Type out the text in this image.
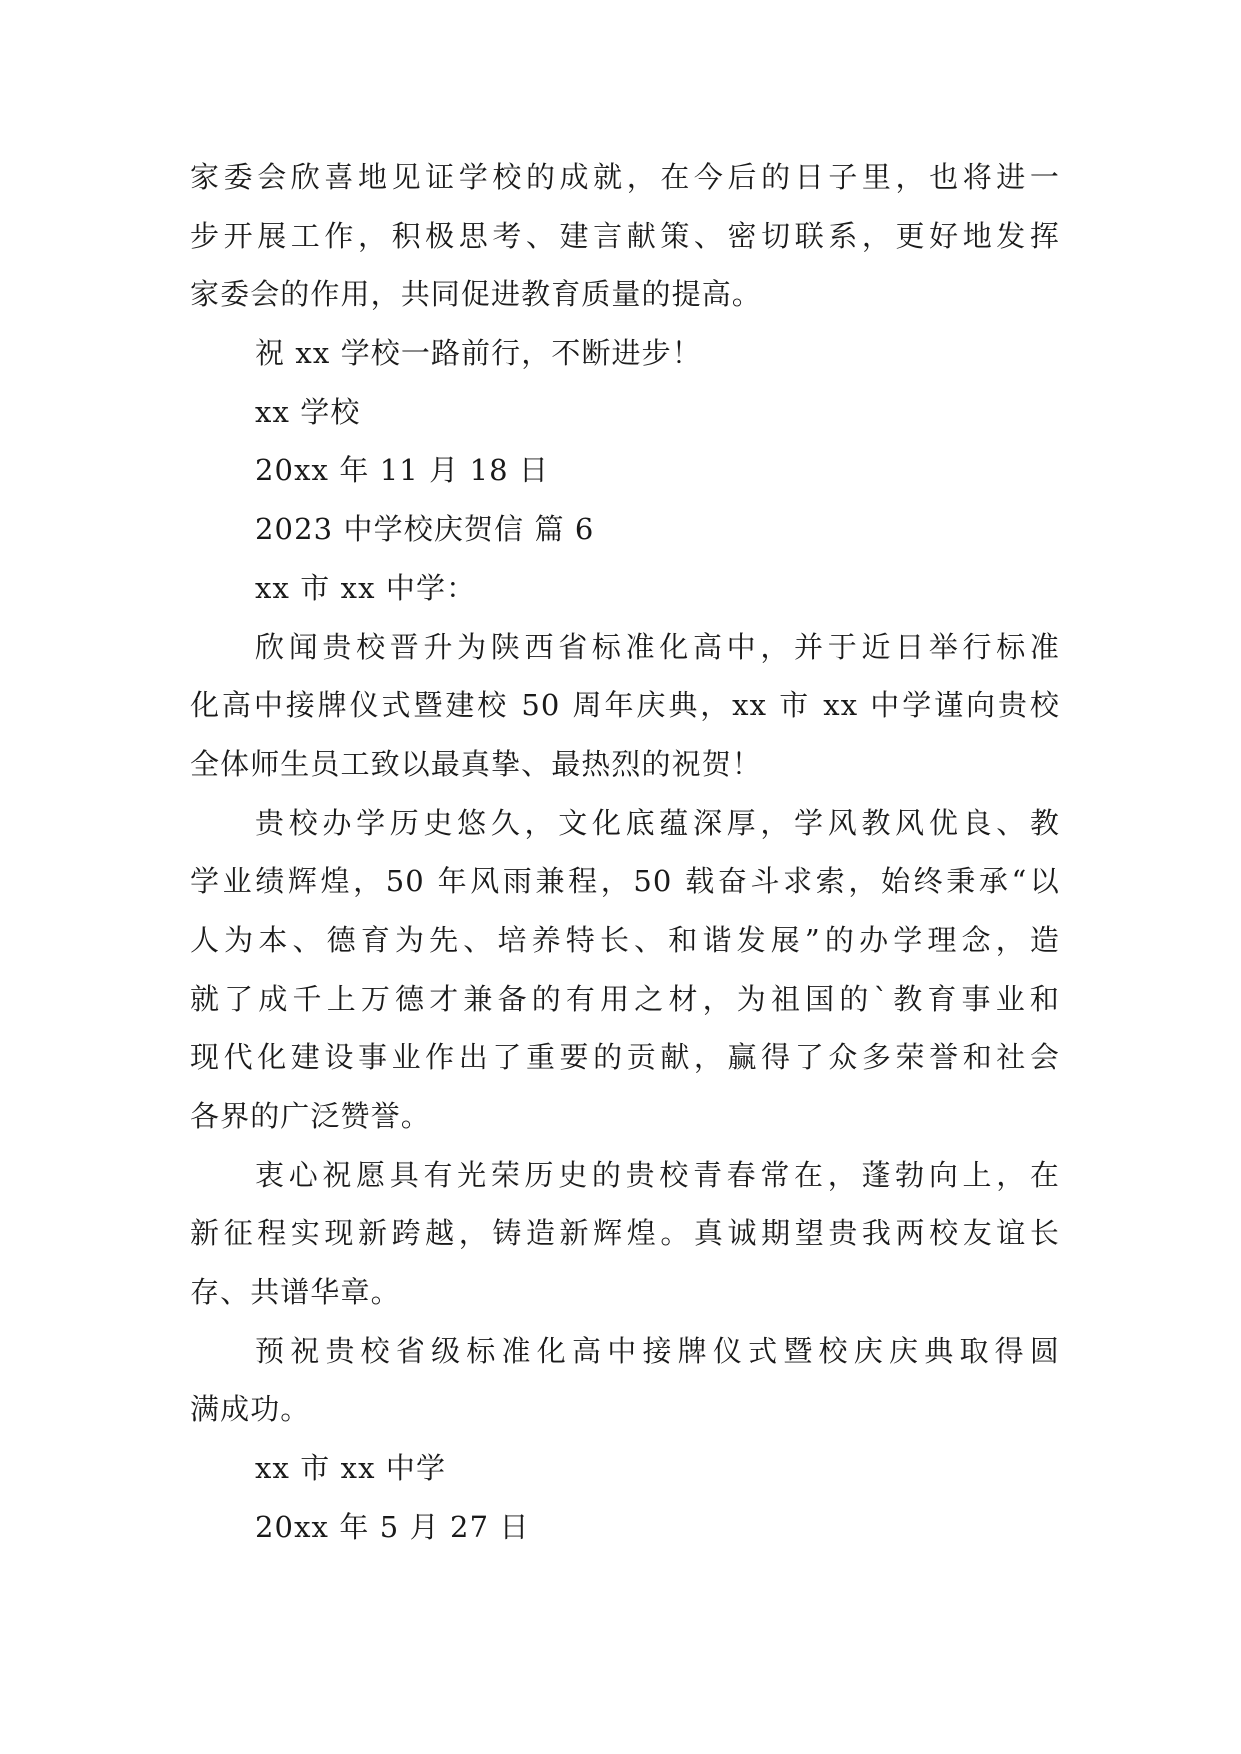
家委会欣喜地见证学校的成就，在今后的日子里，也将进一
步开展工作，积极思考、建言献策、密切联系，更好地发挥
家委会的作用，共同促进教育质量的提高。
祝 xx 学校一路前行，不断进步！
xx 学校
20xx 年 11 月 18 日
2023 中学校庆贺信 篇 6
xx 市 xx 中学：
欣闻贵校晋升为陕西省标准化高中，并于近日举行标准
化高中接牌仪式暨建校 50 周年庆典，xx 市 xx 中学谨向贵校
全体师生员工致以最真挚、最热烈的祝贺！
贵校办学历史悠久，文化底蕴深厚，学风教风优良、教
学业绩辉煌，50 年风雨兼程，50 载奋斗求索，始终秉承“以
人为本、德育为先、培养特长、和谐发展”的办学理念，造
就了成千上万德才兼备的有用之材，为祖国的`教育事业和
现代化建设事业作出了重要的贡献，赢得了众多荣誉和社会
各界的广泛赞誉。
衷心祝愿具有光荣历史的贵校青春常在，蓬勃向上，在
新征程实现新跨越，铸造新辉煌。真诚期望贵我两校友谊长
存、共谱华章。
预祝贵校省级标准化高中接牌仪式暨校庆庆典取得圆
满成功。
xx 市 xx 中学
20xx 年 5 月 27 日
